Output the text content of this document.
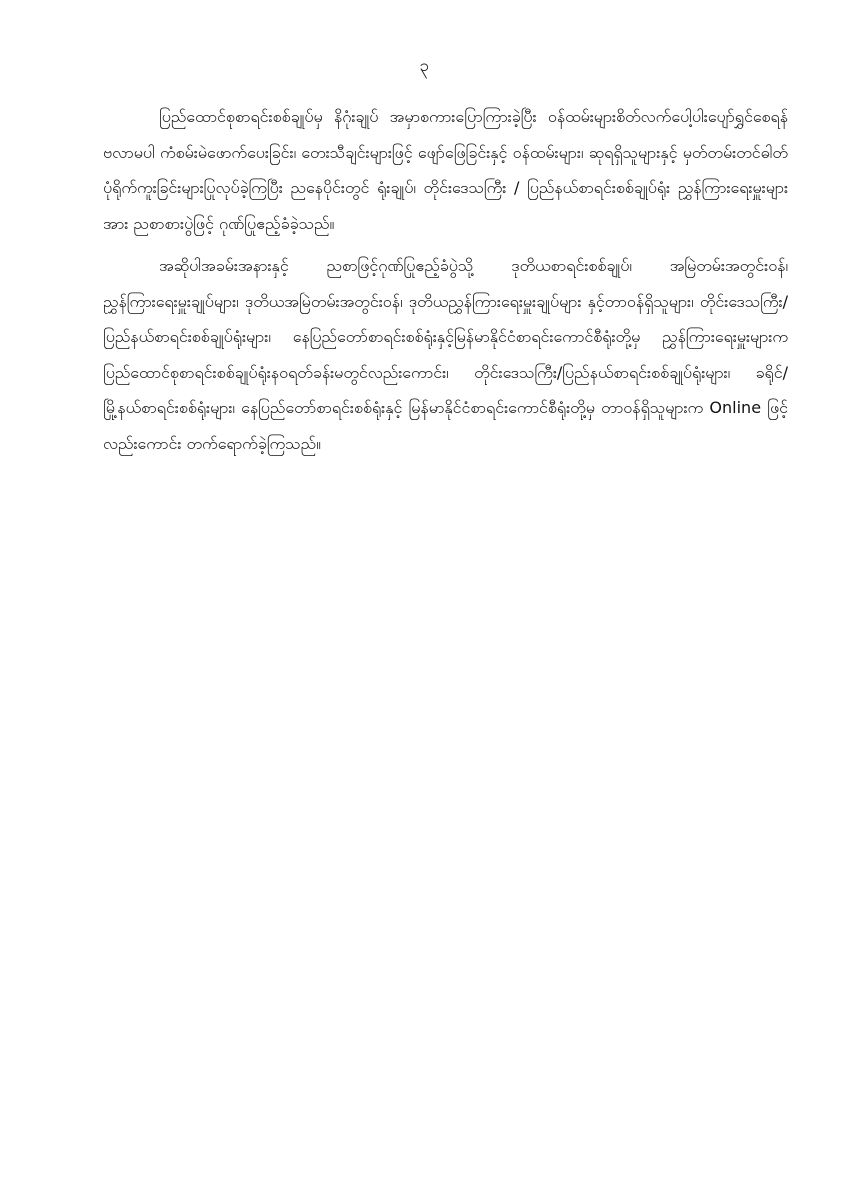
၃

ပြည်ထောင်စုစာရင်းစစ်ချုပ်မှ နိဂုံးချုပ် အမှာစကားပြောကြားခဲ့ပြီး ဝန်ထမ်းများစိတ်လက်ပေါ့ပါးပျော်ရွှင်စေရန် ဗလာမပါ ကံစမ်းမဲဖောက်ပေးခြင်း၊ တေးသီချင်းများဖြင့် ဖျော်ဖြေခြင်းနှင့် ဝန်ထမ်းများ၊ ဆုရရှိသူများနှင့် မှတ်တမ်းတင်ဓါတ်ပုံရိုက်ကူးခြင်းများပြုလုပ်ခဲ့ကြပြီး ညနေပိုင်းတွင် ရုံးချုပ်၊ တိုင်းဒေသကြီး / ပြည်နယ်စာရင်းစစ်ချုပ်ရုံး ညွှန်ကြားရေးမှူးများအား ညစာစားပွဲဖြင့် ဂုဏ်ပြုဧည့်ခံခဲ့သည်။

အဆိုပါအခမ်းအနားနှင့် ညစာဖြင့်ဂုဏ်ပြုဧည့်ခံပွဲသို့ ဒုတိယစာရင်းစစ်ချုပ်၊ အမြဲတမ်းအတွင်းဝန်၊ ညွှန်ကြားရေးမှူးချုပ်များ၊ ဒုတိယအမြဲတမ်းအတွင်းဝန်၊ ဒုတိယညွှန်ကြားရေးမှူးချုပ်များ နှင့်တာဝန်ရှိသူများ၊ တိုင်းဒေသကြီး/ ပြည်နယ်စာရင်းစစ်ချုပ်ရုံးများ၊ နေပြည်တော်စာရင်းစစ်ရုံးနှင့်မြန်မာနိုင်ငံစာရင်းကောင်စီရုံးတို့မှ ညွှန်ကြားရေးမှူးများက ပြည်ထောင်စုစာရင်းစစ်ချုပ်ရုံးနဝရတ်ခန်းမတွင်လည်းကောင်း၊ တိုင်းဒေသကြီး/ပြည်နယ်စာရင်းစစ်ချုပ်ရုံးများ၊ ခရိုင်/ မြို့နယ်စာရင်းစစ်ရုံးများ၊ နေပြည်တော်စာရင်းစစ်ရုံးနှင့် မြန်မာနိုင်ငံစာရင်းကောင်စီရုံးတို့မှ တာဝန်ရှိသူများက Online ဖြင့် လည်းကောင်း တက်ရောက်ခဲ့ကြသည်။
